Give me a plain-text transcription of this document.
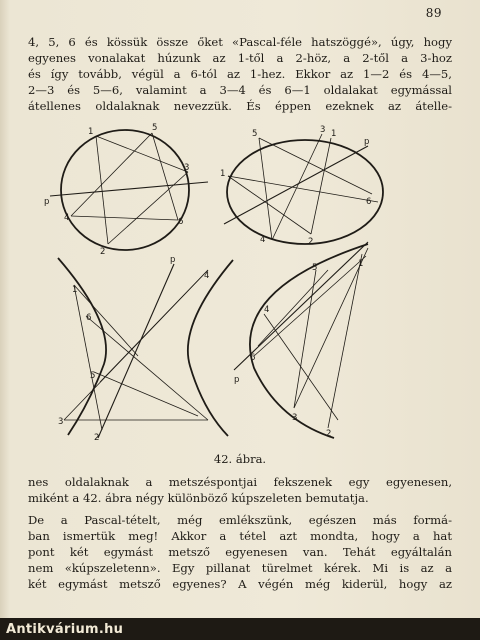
89

4, 5, 6 és kössük össze őket «Pascal-féle hatszöggé», úgy, hogy
egyenes vonalakat húzunk az 1-től a 2-höz, a 2-től a 3-hoz
és így tovább, végül a 6-tól az 1-hez. Ekkor az 1—2 és 4—5,
2—3 és 5—6, valamint a 3—4 és 6—1 oldalakat egymással
átellenes oldalaknak nevezzük. És éppen ezeknek az átelle-

1	5
3
6
4
2
p
5	3 1
p
1
6
4	2
1
6
5
3
2
4
p
5	1
4
6
p
3
2
42. ábra.

nes oldalaknak a metszéspontjai fekszenek egy egyenesen,
miként a 42. ábra négy különböző kúpszeleten bemutatja.

De a Pascal-tételt, még emlékszünk, egészen más formá-
ban ismertük meg! Akkor a tétel azt mondta, hogy a hat
pont két egymást metsző egyenesen van. Tehát egyáltalán
nem «kúpszeletenn». Egy pillanat türelmet kérek. Mi is az a
két egymást metsző egyenes? A végén még kiderül, hogy az

Antikvárium.hu
